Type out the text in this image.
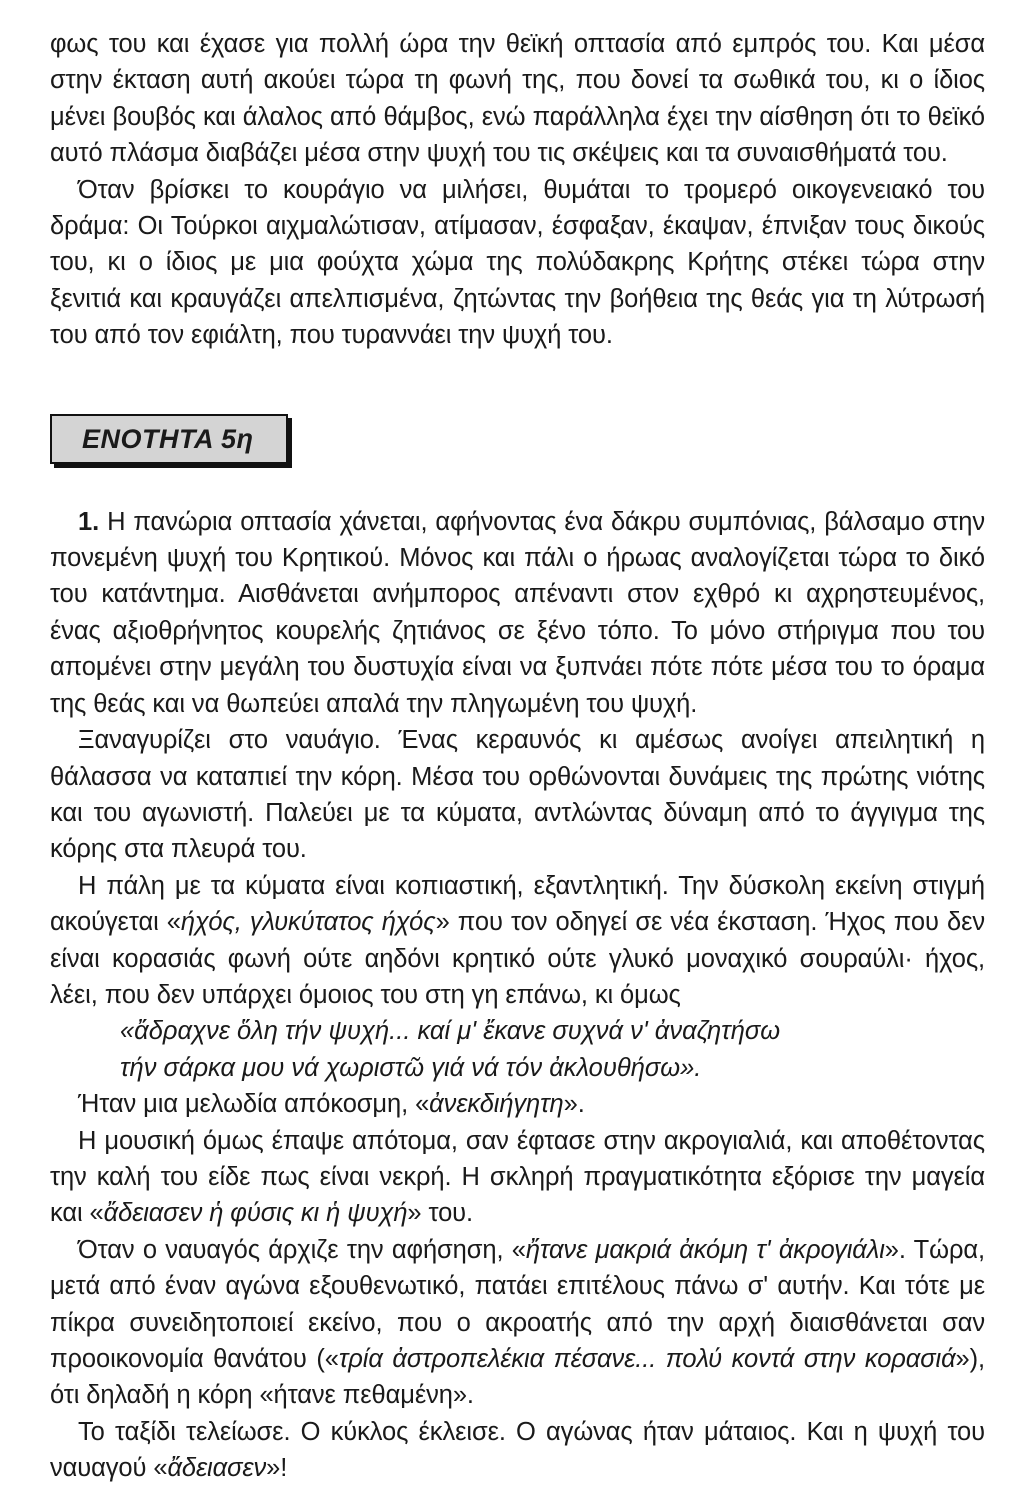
φως του και έχασε για πολλή ώρα την θεϊκή οπτασία από εμπρός του. Και μέσα στην έκταση αυτή ακούει τώρα τη φωνή της, που δονεί τα σωθικά του, κι ο ίδιος μένει βουβός και άλαλος από θάμβος, ενώ παράλληλα έχει την αίσθηση ότι το θεϊκό αυτό πλάσμα διαβάζει μέσα στην ψυχή του τις σκέψεις και τα συναισθήματά του.

Όταν βρίσκει το κουράγιο να μιλήσει, θυμάται το τρομερό οικογενειακό του δράμα: Οι Τούρκοι αιχμαλώτισαν, ατίμασαν, έσφαξαν, έκαψαν, έπνιξαν τους δικούς του, κι ο ίδιος με μια φούχτα χώμα της πολύδακρης Κρήτης στέκει τώρα στην ξενιτιά και κραυγάζει απελπισμένα, ζητώντας την βοήθεια της θεάς για τη λύτρωσή του από τον εφιάλτη, που τυραννάει την ψυχή του.

ΕΝΟΤΗΤΑ 5η

1. Η πανώρια οπτασία χάνεται, αφήνοντας ένα δάκρυ συμπόνιας, βάλσαμο στην πονεμένη ψυχή του Κρητικού. Μόνος και πάλι ο ήρωας αναλογίζεται τώρα το δικό του κατάντημα. Αισθάνεται ανήμπορος απέναντι στον εχθρό κι αχρηστευμένος, ένας αξιοθρήνητος κουρελής ζητιάνος σε ξένο τόπο. Το μόνο στήριγμα που του απομένει στην μεγάλη του δυστυχία είναι να ξυπνάει πότε πότε μέσα του το όραμα της θεάς και να θωπεύει απαλά την πληγωμένη του ψυχή.

Ξαναγυρίζει στο ναυάγιο. Ένας κεραυνός κι αμέσως ανοίγει απειλητική η θάλασσα να καταπιεί την κόρη. Μέσα του ορθώνονται δυνάμεις της πρώτης νιότης και του αγωνιστή. Παλεύει με τα κύματα, αντλώντας δύναμη από το άγγιγμα της κόρης στα πλευρά του.

Η πάλη με τα κύματα είναι κοπιαστική, εξαντλητική. Την δύσκολη εκείνη στιγμή ακούγεται «ήχός, γλυκύτατος ήχός» που τον οδηγεί σε νέα έκσταση. Ήχος που δεν είναι κορασιάς φωνή ούτε αηδόνι κρητικό ούτε γλυκό μοναχικό σουραύλι· ήχος, λέει, που δεν υπάρχει όμοιος του στη γη επάνω, κι όμως

«ἄδραχνε ὅλη τήν ψυχή... καί μ' ἔκανε συχνά ν' ἀναζητήσω

τήν σάρκα μου νά χωριστῶ γιά νά τόν ἀκλουθήσω».

Ήταν μια μελωδία απόκοσμη, «ἀνεκδιήγητη».

Η μουσική όμως έπαψε απότομα, σαν έφτασε στην ακρογιαλιά, και αποθέτοντας την καλή του είδε πως είναι νεκρή. Η σκληρή πραγματικότητα εξόρισε την μαγεία και «ἄδειασεν ἡ φύσις κι ἡ ψυχή» του.

Όταν ο ναυαγός άρχιζε την αφήσηση, «ἤτανε μακριά ἀκόμη τ' ἀκρογιάλι». Τώρα, μετά από έναν αγώνα εξουθενωτικό, πατάει επιτέλους πάνω σ' αυτήν. Και τότε με πίκρα συνειδητοποιεί εκείνο, που ο ακροατής από την αρχή διαισθάνεται σαν προοικονομία θανάτου («τρία ἀστροπελέκια πέσανε... πολύ κοντά στην κορασιά»), ότι δηλαδή η κόρη «ήτανε πεθαμένη».

Το ταξίδι τελείωσε. Ο κύκλος έκλεισε. Ο αγώνας ήταν μάταιος. Και η ψυχή του ναυαγού «ἄδειασεν»!
